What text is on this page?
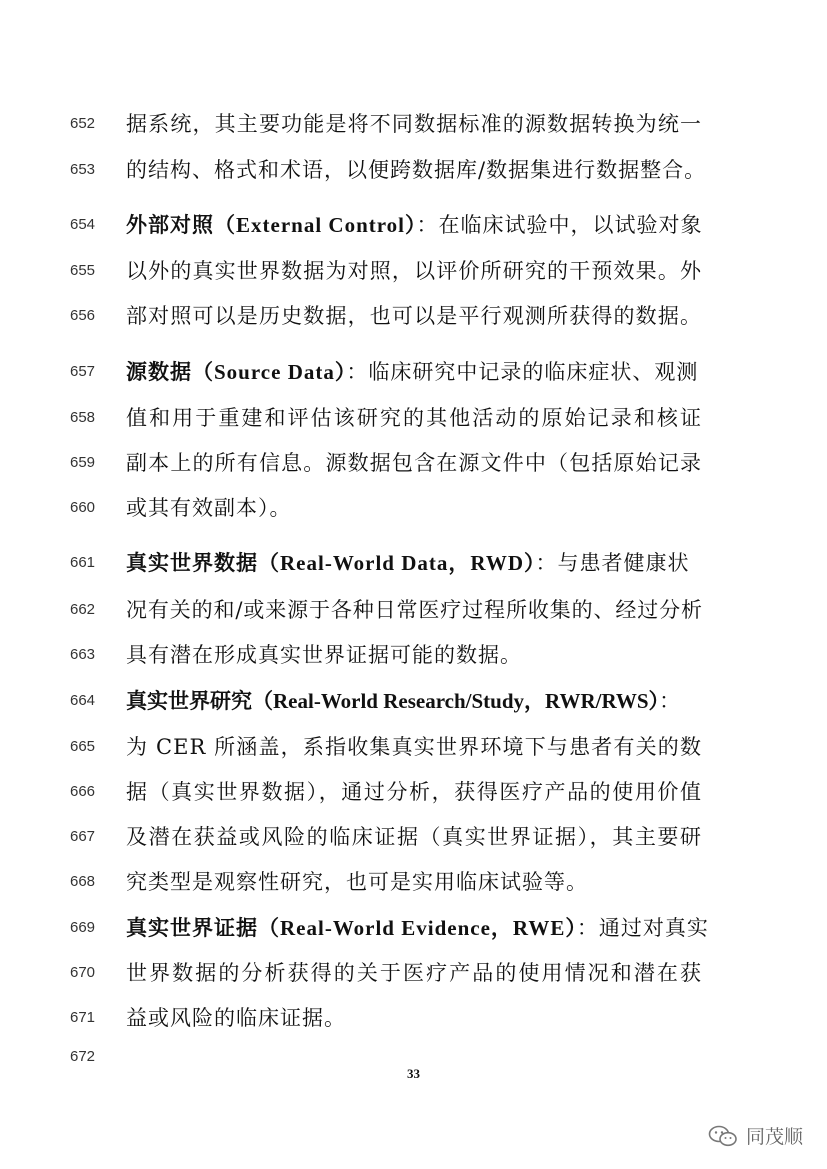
652	据系统，其主要功能是将不同数据标准的源数据转换为统一
653	的结构、格式和术语，以便跨数据库/数据集进行数据整合。
654	外部对照（External Control）：在临床试验中，以试验对象
655	以外的真实世界数据为对照，以评价所研究的干预效果。外
656	部对照可以是历史数据，也可以是平行观测所获得的数据。
657	源数据（Source Data）：临床研究中记录的临床症状、观测
658	值和用于重建和评估该研究的其他活动的原始记录和核证
659	副本上的所有信息。源数据包含在源文件中（包括原始记录
660	或其有效副本）。
661	真实世界数据（Real-World Data，RWD）：与患者健康状
662	况有关的和/或来源于各种日常医疗过程所收集的、经过分析
663	具有潜在形成真实世界证据可能的数据。
664	真实世界研究（Real-World Research/Study，RWR/RWS）：
665	为 CER 所涵盖，系指收集真实世界环境下与患者有关的数
666	据（真实世界数据），通过分析，获得医疗产品的使用价值
667	及潜在获益或风险的临床证据（真实世界证据），其主要研
668	究类型是观察性研究，也可是实用临床试验等。
669	真实世界证据（Real-World Evidence，RWE）：通过对真实
670	世界数据的分析获得的关于医疗产品的使用情况和潜在获
671	益或风险的临床证据。
672
33
同茂顺
